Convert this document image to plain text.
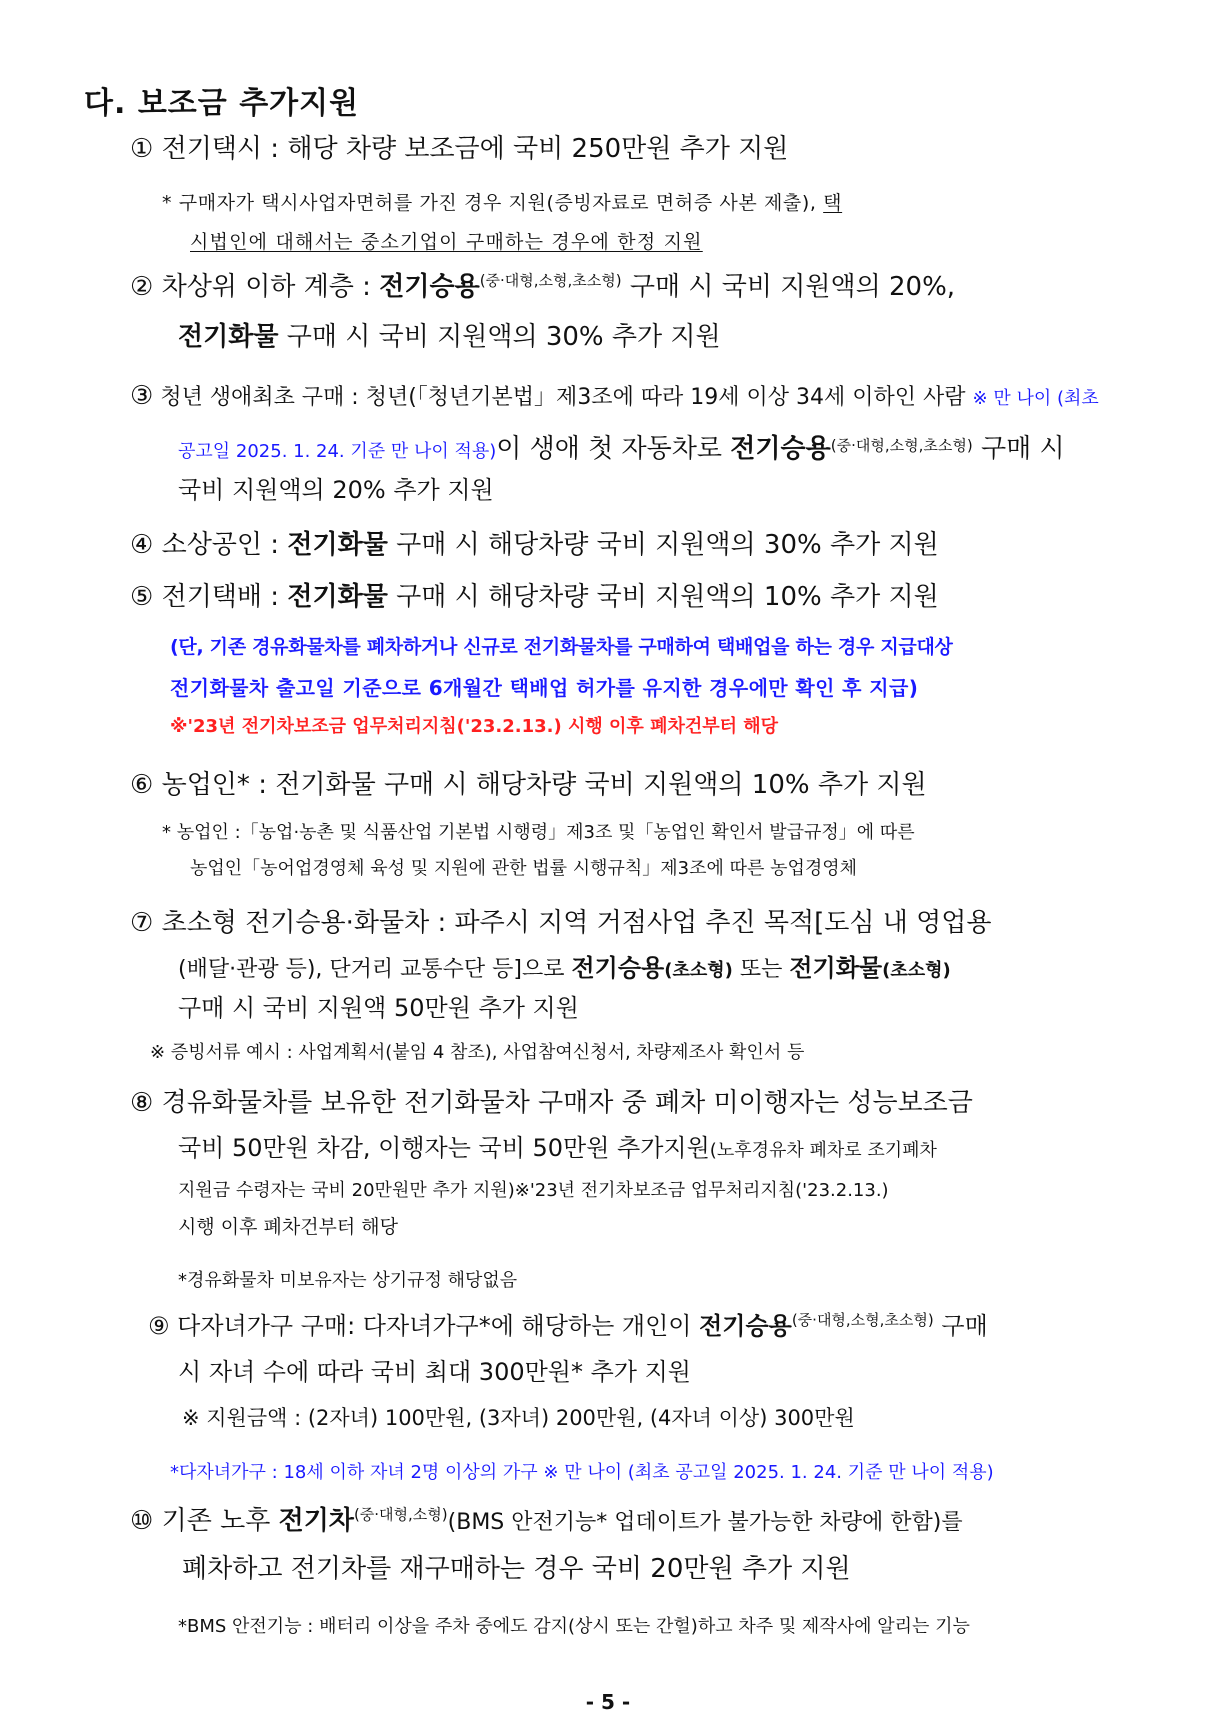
다. 보조금 추가지원
① 전기택시 : 해당 차량 보조금에 국비 250만원 추가 지원
* 구매자가 택시사업자면허를 가진 경우 지원(증빙자료로 면허증 사본 제출), 택
시법인에 대해서는 중소기업이 구매하는 경우에 한정 지원
② 차상위 이하 계층 : 전기승용$^{(중\cdot 대형,소형,초소형)}$ 구매 시 국비 지원액의 20%,
전기화물 구매 시 국비 지원액의 30% 추가 지원
③ 청년 생애최초 구매 : 청년(「청년기본법」제3조에 따라 19세 이상 34세 이하인 사람 ※ 만 나이 (최초
공고일 2025. 1. 24. 기준 만 나이 적용)이 생애 첫 자동차로 전기승용(중·대형,소형,초소형) 구매 시
국비 지원액의 20% 추가 지원
④ 소상공인 : 전기화물 구매 시 해당차량 국비 지원액의 30% 추가 지원
⑤ 전기택배 : 전기화물 구매 시 해당차량 국비 지원액의 10% 추가 지원
(단, 기존 경유화물차를 폐차하거나 신규로 전기화물차를 구매하여 택배업을 하는 경우 지급대상
전기화물차 출고일 기준으로 6개월간 택배업 허가를 유지한 경우에만 확인 후 지급)
※'23년 전기차보조금 업무처리지침('23.2.13.) 시행 이후 폐차건부터 해당
⑥ 농업인* : 전기화물 구매 시 해당차량 국비 지원액의 10% 추가 지원
* 농업인 :「농업·농촌 및 식품산업 기본법 시행령」제3조 및「농업인 확인서 발급규정」에 따른
농업인「농어업경영체 육성 및 지원에 관한 법률 시행규칙」제3조에 따른 농업경영체
⑦ 초소형 전기승용·화물차 : 파주시 지역 거점사업 추진 목적[도심 내 영업용
(배달·관광 등), 단거리 교통수단 등]으로 전기승용(초소형) 또는 전기화물(초소형)
구매 시 국비 지원액 50만원 추가 지원
※ 증빙서류 예시 : 사업계획서(붙임 4 참조), 사업참여신청서, 차량제조사 확인서 등
⑧ 경유화물차를 보유한 전기화물차 구매자 중 폐차 미이행자는 성능보조금
국비 50만원 차감, 이행자는 국비 50만원 추가지원(노후경유차 폐차로 조기폐차
지원금 수령자는 국비 20만원만 추가 지원)※'23년 전기차보조금 업무처리지침('23.2.13.)
시행 이후 폐차건부터 해당
*경유화물차 미보유자는 상기규정 해당없음
⑨ 다자녀가구 구매: 다자녀가구*에 해당하는 개인이 전기승용$^{(중\cdot 대형,소형,초소형)}$ 구매
시 자녀 수에 따라 국비 최대 300만원* 추가 지원
※ 지원금액 : (2자녀) 100만원, (3자녀) 200만원, (4자녀 이상) 300만원
*다자녀가구 : 18세 이하 자녀 2명 이상의 가구 ※ 만 나이 (최초 공고일 2025. 1. 24. 기준 만 나이 적용)
⑩ 기존 노후 전기차$^{(중\cdot 대형,소형)}$(BMS 안전기능* 업데이트가 불가능한 차량에 한함)를
폐차하고 전기차를 재구매하는 경우 국비 20만원 추가 지원
*BMS 안전기능 : 배터리 이상을 주차 중에도 감지(상시 또는 간헐)하고 차주 및 제작사에 알리는 기능
- 5 -
